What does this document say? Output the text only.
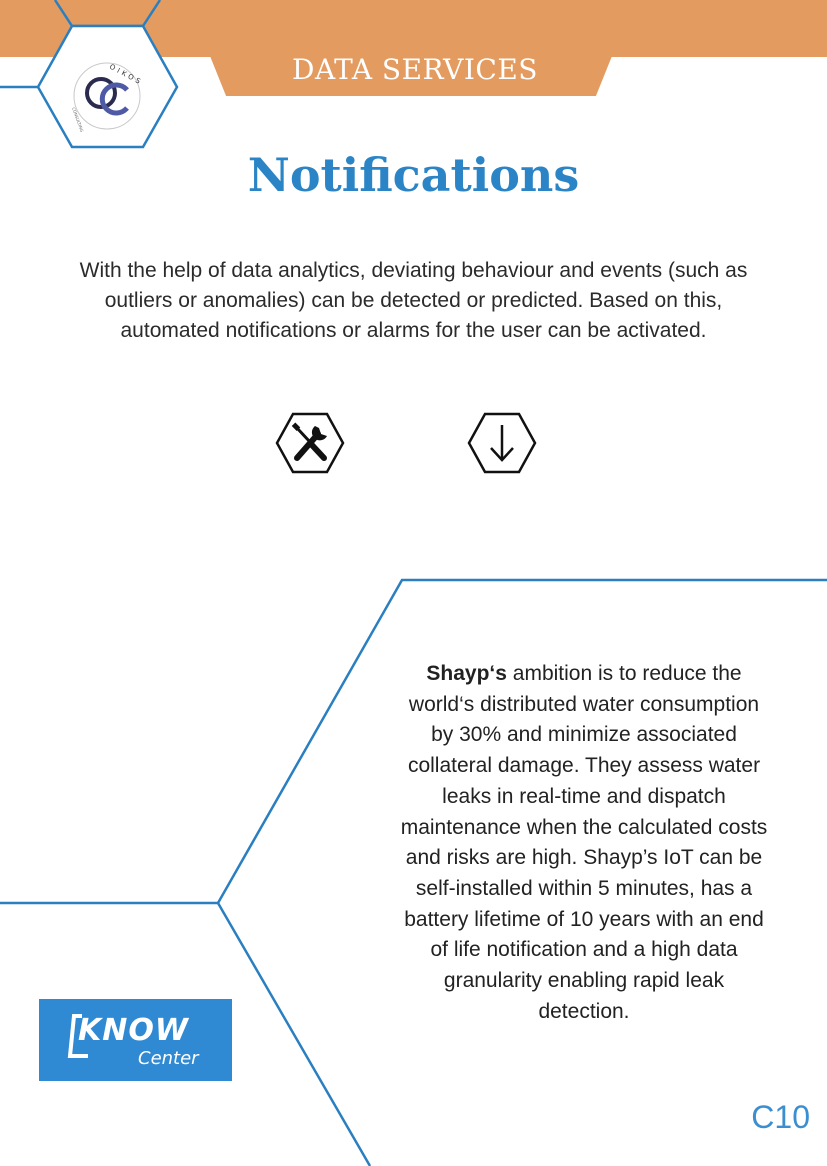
DATA SERVICES
OIKOS
CONSULTING
Notifications
With the help of data analytics, deviating behaviour and events (such as outliers or anomalies) can be detected or predicted. Based on this, automated notifications or alarms for the user can be activated.
Shayp‘s ambition is to reduce the world‘s distributed water consumption by 30% and minimize associated collateral damage. They assess water leaks in real-time and dispatch maintenance when the calculated costs and risks are high. Shayp’s IoT can be self-installed within 5 minutes, has a battery lifetime of 10 years with an end of life notification and a high data granularity enabling rapid leak detection.
KNOW
Center
C10
